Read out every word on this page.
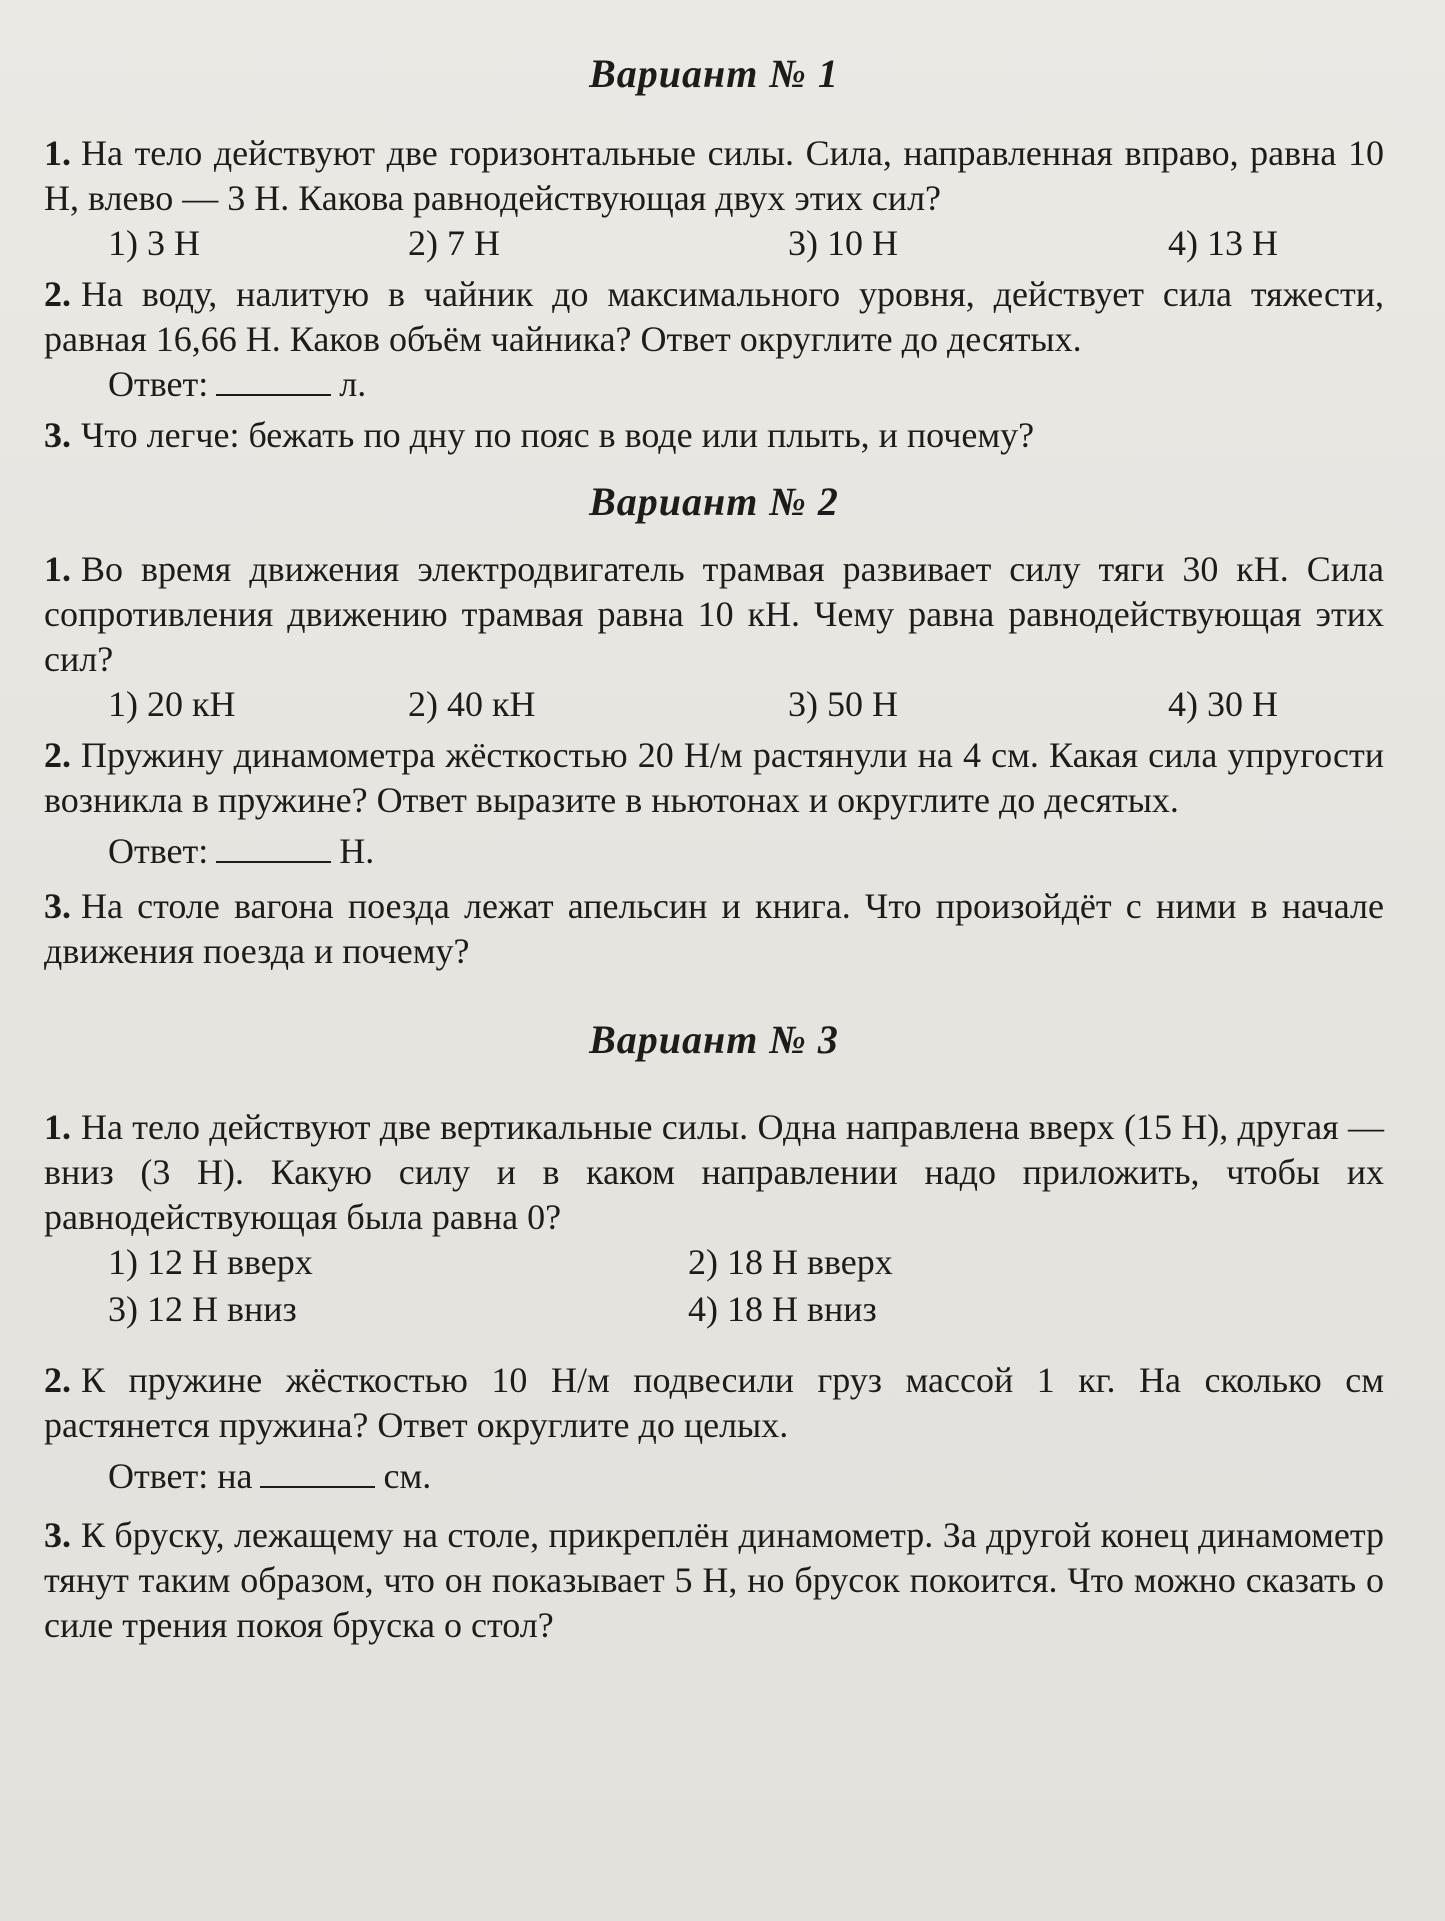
Вариант № 1

1. На тело действуют две горизонтальные силы. Сила, направленная вправо, равна 10 Н, влево — 3 Н. Какова равнодействующая двух этих сил?

1) 3 Н	2) 7 Н	3) 10 Н	4) 13 Н

2. На воду, налитую в чайник до максимального уровня, действует сила тяжести, равная 16,66 Н. Каков объём чайника? Ответ округлите до десятых.

Ответ:	л.

3. Что легче: бежать по дну по пояс в воде или плыть, и почему?

Вариант № 2

1. Во время движения электродвигатель трамвая развивает силу тяги 30 кН. Сила сопротивления движению трамвая равна 10 кН. Чему равна равнодействующая этих сил?

1) 20 кН	2) 40 кН	3) 50 Н	4) 30 Н

2. Пружину динамометра жёсткостью 20 Н/м растянули на 4 см. Какая сила упругости возникла в пружине? Ответ выразите в ньютонах и округлите до десятых.

Ответ:	Н.

3. На столе вагона поезда лежат апельсин и книга. Что произойдёт с ними в начале движения поезда и почему?

Вариант № 3

1. На тело действуют две вертикальные силы. Одна направлена вверх (15 Н), другая — вниз (3 Н). Какую силу и в каком направлении надо приложить, чтобы их равнодействующая была равна 0?

1) 12 Н вверх	2) 18 Н вверх
3) 12 Н вниз	4) 18 Н вниз

2. К пружине жёсткостью 10 Н/м подвесили груз массой 1 кг. На сколько см растянется пружина? Ответ округлите до целых.

Ответ: на	см.

3. К бруску, лежащему на столе, прикреплён динамометр. За другой конец динамометр тянут таким образом, что он показывает 5 Н, но брусок покоится. Что можно сказать о силе трения покоя бруска о стол?
